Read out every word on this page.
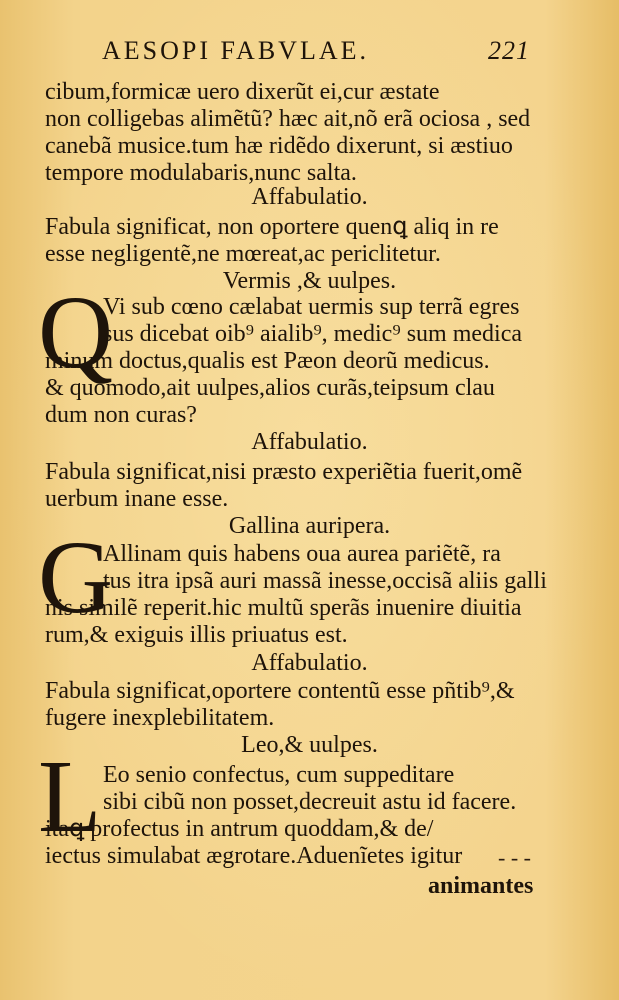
AESOPI FABVLAE.	221
cibum,formicæ uero dixerũt ei,cur æstate
non colligebas alimẽtũ? hæc ait,nõ erã ociosa , sed
canebã musice.tum hæ ridẽdo dixerunt, si æstiuo
tempore modulabaris,nunc salta.
Affabulatio.
Fabula significat, non oportere quenꝗ aliq in re
esse negligentẽ,ne mœreat,ac periclitetur.
Vermis ,& uulpes.
Q
Vi sub cœno cælabat uermis sup terrã egres
sus dicebat oib⁹ aialib⁹, medic⁹ sum medica
minum doctus,qualis est Pæon deorũ medicus.
& quomodo,ait uulpes,alios curãs,teipsum clau
dum non curas?
Affabulatio.
Fabula significat,nisi præsto experiẽtia fuerit,omẽ
uerbum inane esse.
Gallina auripera.
G
Allinam quis habens oua aurea pariẽtẽ, ra
tus itra ipsã auri massã inesse,occisã aliis galli
nis similẽ reperit.hic multũ sperãs inuenire diuitia
rum,& exiguis illis priuatus est.
Affabulatio.
Fabula significat,oportere contentũ esse pñtib⁹,&
fugere inexplebilitatem.
Leo,& uulpes.
L Eo senio confectus, cum suppeditare
sibi cibũ non posset,decreuit astu id facere.
itaꝗ profectus in antrum quoddam,& de/
iectus simulabat ægrotare.Aduenĩetes igitur - - -
animantes
